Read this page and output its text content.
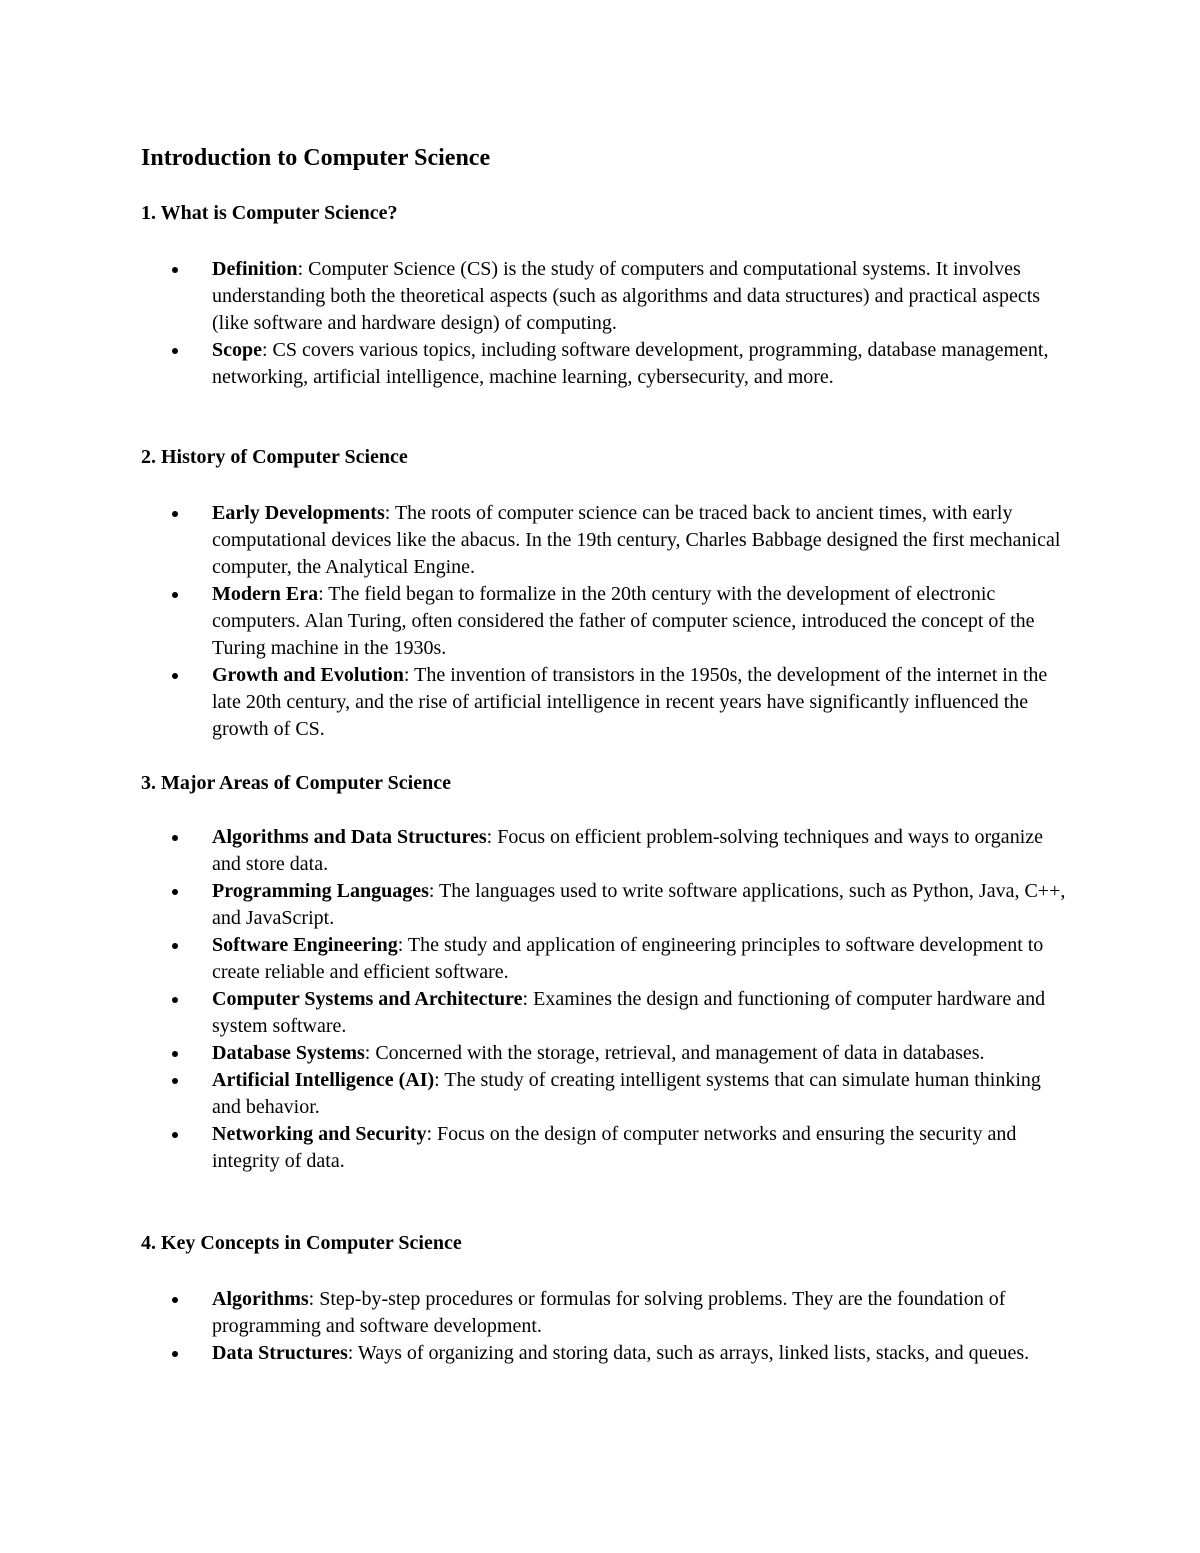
Introduction to Computer Science
1. What is Computer Science?
Definition: Computer Science (CS) is the study of computers and computational systems. It involves understanding both the theoretical aspects (such as algorithms and data structures) and practical aspects (like software and hardware design) of computing.
Scope: CS covers various topics, including software development, programming, database management, networking, artificial intelligence, machine learning, cybersecurity, and more.
2. History of Computer Science
Early Developments: The roots of computer science can be traced back to ancient times, with early computational devices like the abacus. In the 19th century, Charles Babbage designed the first mechanical computer, the Analytical Engine.
Modern Era: The field began to formalize in the 20th century with the development of electronic computers. Alan Turing, often considered the father of computer science, introduced the concept of the Turing machine in the 1930s.
Growth and Evolution: The invention of transistors in the 1950s, the development of the internet in the late 20th century, and the rise of artificial intelligence in recent years have significantly influenced the growth of CS.
3. Major Areas of Computer Science
Algorithms and Data Structures: Focus on efficient problem-solving techniques and ways to organize and store data.
Programming Languages: The languages used to write software applications, such as Python, Java, C++, and JavaScript.
Software Engineering: The study and application of engineering principles to software development to create reliable and efficient software.
Computer Systems and Architecture: Examines the design and functioning of computer hardware and system software.
Database Systems: Concerned with the storage, retrieval, and management of data in databases.
Artificial Intelligence (AI): The study of creating intelligent systems that can simulate human thinking and behavior.
Networking and Security: Focus on the design of computer networks and ensuring the security and integrity of data.
4. Key Concepts in Computer Science
Algorithms: Step-by-step procedures or formulas for solving problems. They are the foundation of programming and software development.
Data Structures: Ways of organizing and storing data, such as arrays, linked lists, stacks, and queues.
